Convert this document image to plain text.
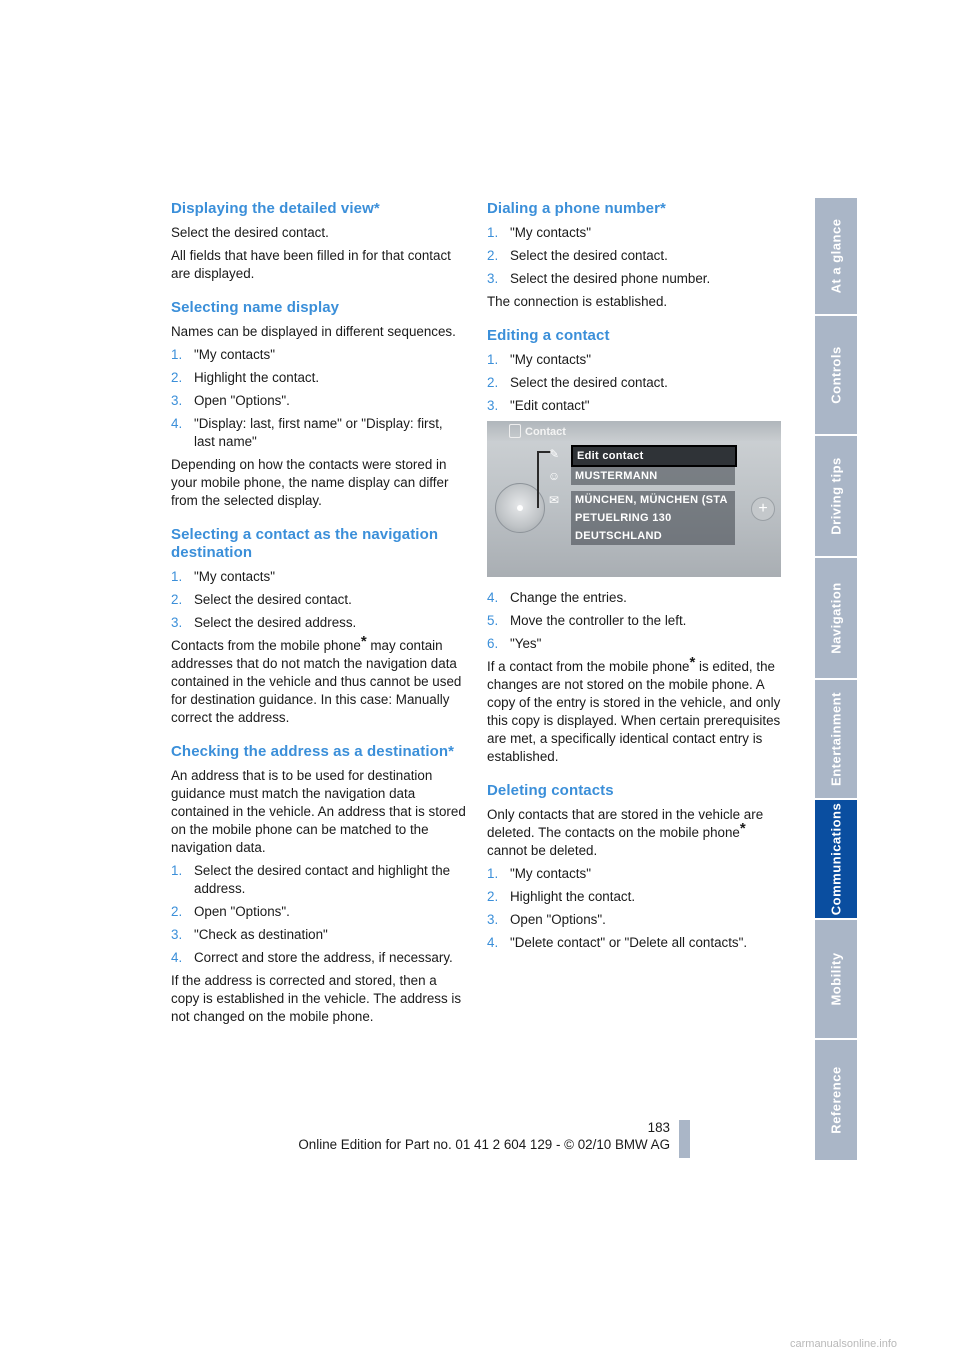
Displaying the detailed view*

Select the desired contact.

All fields that have been filled in for that contact are displayed.

Selecting name display

Names can be displayed in different sequences.

1. "My contacts"
2. Highlight the contact.
3. Open "Options".
4. "Display: last, first name" or "Display: first, last name"

Depending on how the contacts were stored in your mobile phone, the name display can differ from the selected display.

Selecting a contact as the navigation destination
1. "My contacts"
2. Select the desired contact.
3. Select the desired address.

Contacts from the mobile phone* may contain addresses that do not match the navigation data contained in the vehicle and thus cannot be used for destination guidance. In this case: Manually correct the address.

Checking the address as a destination*

An address that is to be used for destination guidance must match the navigation data contained in the vehicle. An address that is stored on the mobile phone can be matched to the navigation data.

1. Select the desired contact and highlight the address.
2. Open "Options".
3. "Check as destination"
4. Correct and store the address, if necessary.

If the address is corrected and stored, then a copy is established in the vehicle. The address is not changed on the mobile phone.

Dialing a phone number*
1. "My contacts"
2. Select the desired contact.
3. Select the desired phone number.

The connection is established.

Editing a contact
1. "My contacts"
2. Select the desired contact.
3. "Edit contact"
Contact
✎	Edit contact
☺	MUSTERMANN
✉	MÜNCHEN, MÜNCHEN (STA
PETUELRING 130
DEUTSCHLAND
+
4. Change the entries.
5. Move the controller to the left.
6. "Yes"

If a contact from the mobile phone* is edited, the changes are not stored on the mobile phone. A copy of the entry is stored in the vehicle, and only this copy is displayed. When certain prerequisites are met, a specifically identical contact entry is established.

Deleting contacts

Only contacts that are stored in the vehicle are deleted. The contacts on the mobile phone* cannot be deleted.

1. "My contacts"
2. Highlight the contact.
3. Open "Options".
4. "Delete contact" or "Delete all contacts".
At a glance
Controls
Driving tips
Navigation
Entertainment
Communications
Mobility
Reference
183
Online Edition for Part no. 01 41 2 604 129 - © 02/10 BMW AG
carmanualsonline.info
